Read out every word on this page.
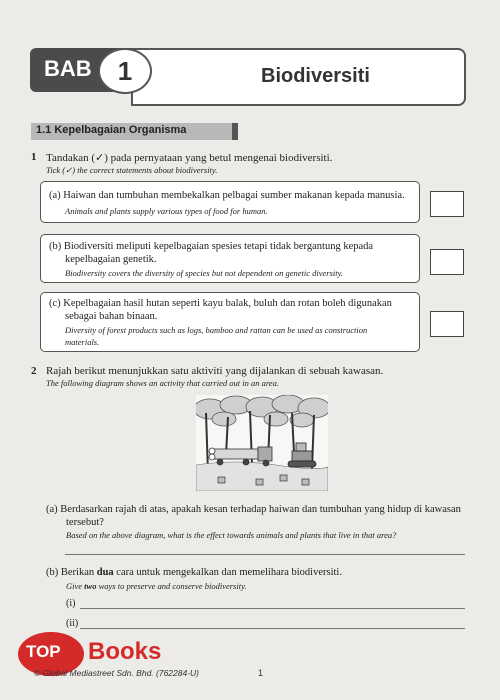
BAB	1	Biodiversiti
1.1 Kepelbagaian Organisma
1 Tandakan (✓) pada pernyataan yang betul mengenai biodiversiti.
Tick (✓) the correct statements about biodiversity.
(a) Haiwan dan tumbuhan membekalkan pelbagai sumber makanan kepada manusia.
Animals and plants supply various types of food for human.
(b) Biodiversiti meliputi kepelbagaian spesies tetapi tidak bergantung kepada
kepelbagaian genetik.
Biodiversity covers the diversity of species but not dependent on genetic diversity.
(c) Kepelbagaian hasil hutan seperti kayu balak, buluh dan rotan boleh digunakan
sebagai bahan binaan.
Diversity of forest products such as logs, bamboo and rattan can be used as construction
materials.
2 Rajah berikut menunjukkan satu aktiviti yang dijalankan di sebuah kawasan.
The following diagram shows an activity that carried out in an area.
(a) Berdasarkan rajah di atas, apakah kesan terhadap haiwan dan tumbuhan yang hidup di kawasan
tersebut?
Based on the above diagram, what is the effect towards animals and plants that live in that area?
(b) Berikan dua cara untuk mengekalkan dan memelihara biodiversiti.
Give two ways to preserve and conserve biodiversity.
(i)
(ii)
TOP Books
© Global Mediastreet Sdn. Bhd. (762284-U)	1
